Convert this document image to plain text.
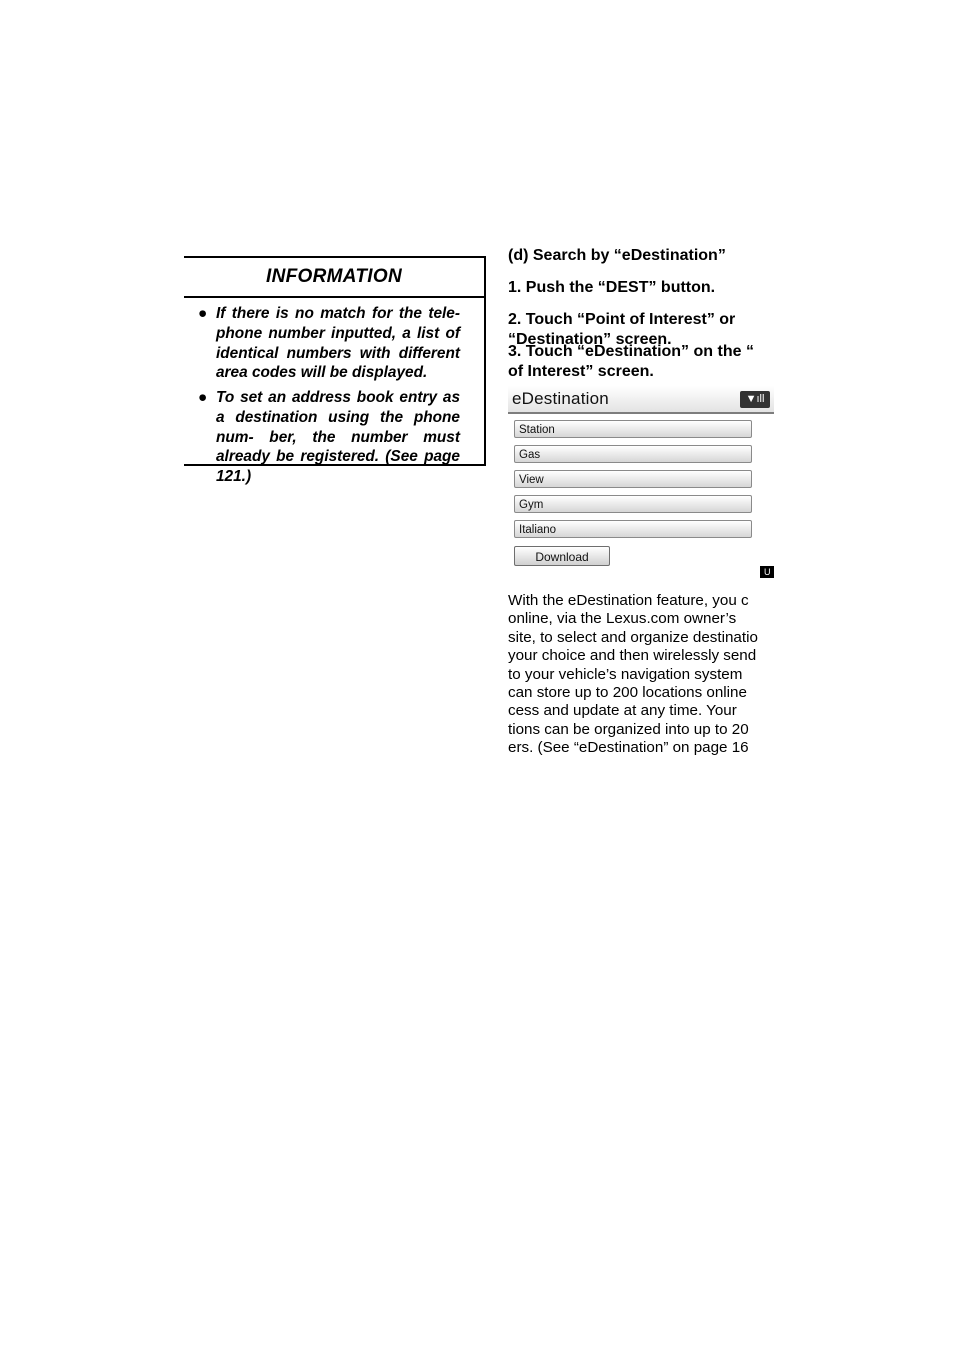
INFORMATION
● If there is no match for the tele- phone number inputted, a list of identical numbers with different area codes will be displayed.
● To set an address book entry as a destination using the phone num- ber, the number must already be registered. (See page 121.)
(d) Search by “eDestination”
1. Push the “DEST” button.
2. Touch “Point of Interest” or
“Destination” screen.
3. Touch “eDestination” on the “
of Interest” screen.
eDestination	▼ıll
Station
Gas
View
Gym
Italiano
Download
U
With the eDestination feature, you c
online, via the Lexus.com owner’s
site, to select and organize destinatio
your choice and then wirelessly send
to your vehicle’s navigation system
can store up to 200 locations online
cess and update at any time. Your
tions can be organized into up to 20
ers. (See “eDestination” on page 16
